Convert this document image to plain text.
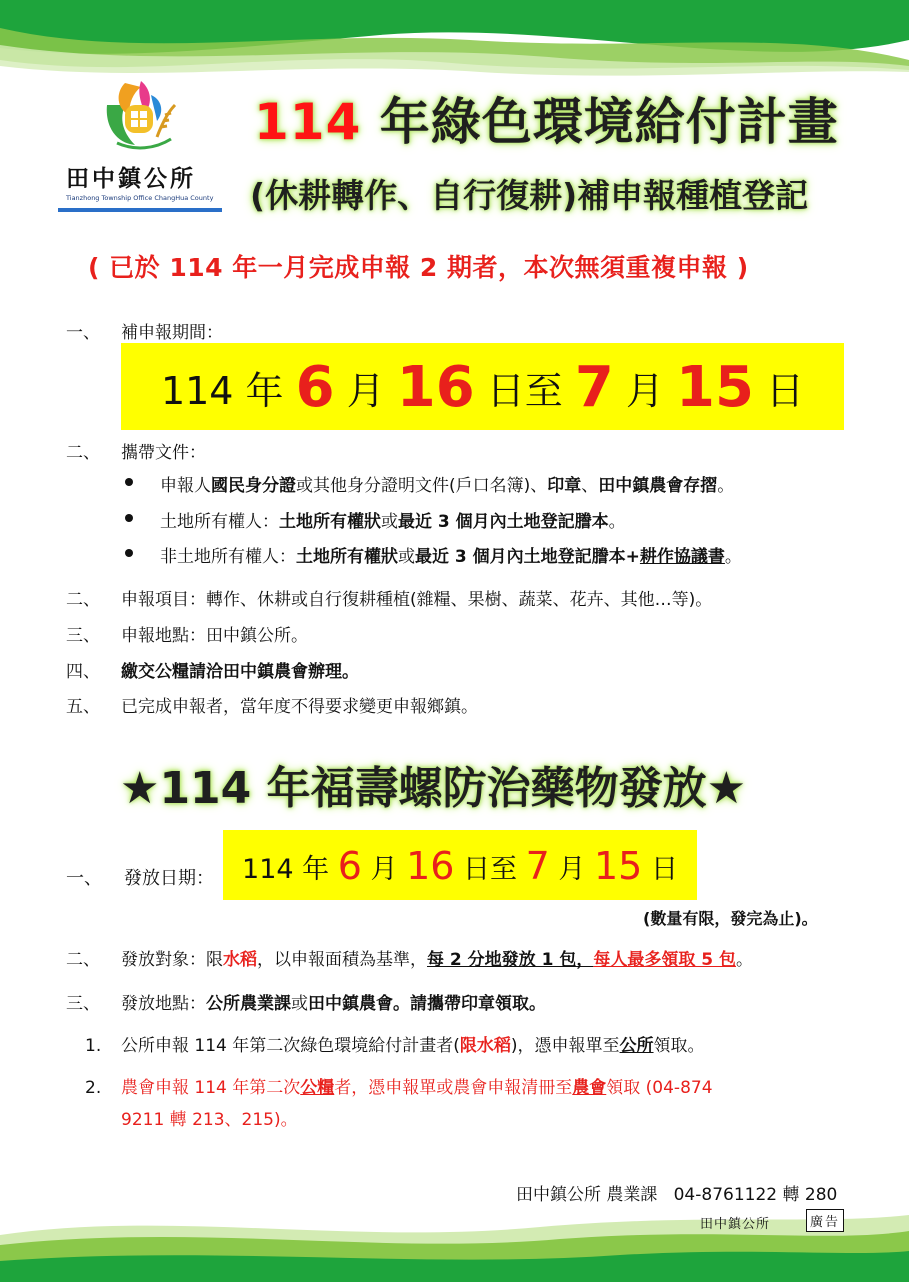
田中鎮公所
Tianzhong Township Office ChangHua County
114 年綠色環境給付計畫
(休耕轉作、自行復耕)補申報種植登記
( 已於 114 年一月完成申報 2 期者，本次無須重複申報 )
一、 補申報期間：
114 年 6 月 16 日至 7 月 15 日
二、 攜帶文件：
申報人國民身分證或其他身分證明文件(戶口名簿)、印章、田中鎮農會存摺。
土地所有權人：土地所有權狀或最近 3 個月內土地登記謄本。
非土地所有權人：土地所有權狀或最近 3 個月內土地登記謄本+耕作協議書。
二、 申報項目：轉作、休耕或自行復耕種植(雜糧、果樹、蔬菜、花卉、其他…等)。
三、 申報地點：田中鎮公所。
四、 繳交公糧請洽田中鎮農會辦理。
五、 已完成申報者，當年度不得要求變更申報鄉鎮。
★114 年福壽螺防治藥物發放★
一、 發放日期： 114 年 6 月 16 日至 7 月 15 日
(數量有限，發完為止)。
二、 發放對象：限水稻，以申報面積為基準，每 2 分地發放 1 包，每人最多領取 5 包。
三、 發放地點：公所農業課或田中鎮農會。請攜帶印章領取。
1. 公所申報 114 年第二次綠色環境給付計畫者(限水稻)，憑申報單至公所領取。
2. 農會申報 114 年第二次公糧者，憑申報單或農會申報清冊至農會領取 (04-874
9211 轉 213、215)。
田中鎮公所 農業課   04-8761122 轉 280
田中鎮公所	廣告
